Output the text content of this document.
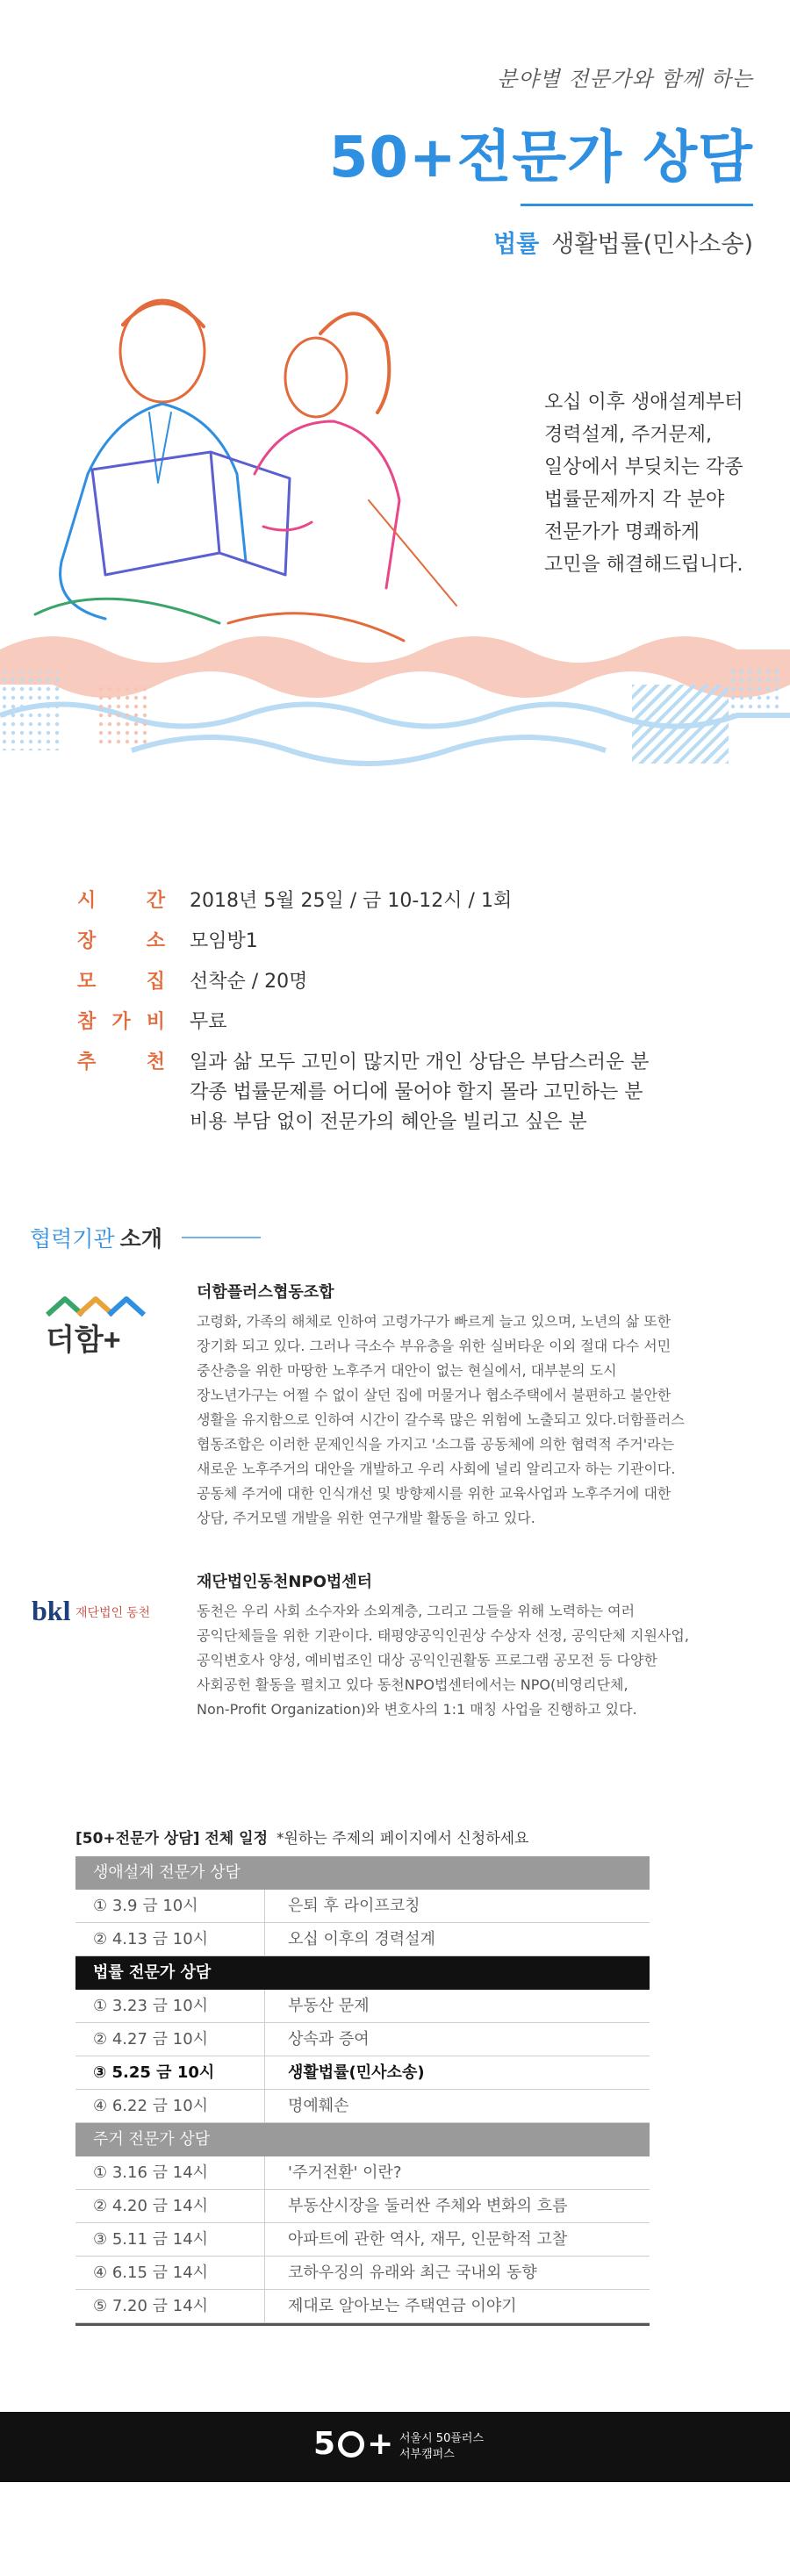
분야별 전문가와 함께 하는
50+전문가 상담
법률 생활법률(민사소송)
오십 이후 생애설계부터
경력설계, 주거문제,
일상에서 부딪치는 각종
법률문제까지 각 분야
전문가가 명쾌하게
고민을 해결해드립니다.
시	간 2018년 5월 25일 / 금 10-12시 / 1회
장	소 모임방1
모	집 선착순 / 20명
참 가 비 무료
추	천 일과 삶 모두 고민이 많지만 개인 상담은 부담스러운 분
각종 법률문제를 어디에 물어야 할지 몰라 고민하는 분
비용 부담 없이 전문가의 혜안을 빌리고 싶은 분
협력기관 소개
더함+
더함플러스협동조합
고령화, 가족의 해체로 인하여 고령가구가 빠르게 늘고 있으며, 노년의 삶 또한
장기화 되고 있다. 그러나 극소수 부유층을 위한 실버타운 이외 절대 다수 서민
중산층을 위한 마땅한 노후주거 대안이 없는 현실에서, 대부분의 도시
장노년가구는 어쩔 수 없이 살던 집에 머물거나 협소주택에서 불편하고 불안한
생활을 유지함으로 인하여 시간이 갈수록 많은 위험에 노출되고 있다.더함플러스
협동조합은 이러한 문제인식을 가지고 '소그룹 공동체에 의한 협력적 주거'라는
새로운 노후주거의 대안을 개발하고 우리 사회에 널리 알리고자 하는 기관이다.
공동체 주거에 대한 인식개선 및 방향제시를 위한 교육사업과 노후주거에 대한
상담, 주거모델 개발을 위한 연구개발 활동을 하고 있다.
bkl 재단법인 동천
재단법인동천NPO법센터
동천은 우리 사회 소수자와 소외계층, 그리고 그들을 위해 노력하는 여러
공익단체들을 위한 기관이다. 태평양공익인권상 수상자 선정, 공익단체 지원사업,
공익변호사 양성, 예비법조인 대상 공익인권활동 프로그램 공모전 등 다양한
사회공헌 활동을 펼치고 있다 동천NPO법센터에서는 NPO(비영리단체,
Non-Profit Organization)와 변호사의 1:1 매칭 사업을 진행하고 있다.
[50+전문가 상담] 전체 일정 *원하는 주제의 페이지에서 신청하세요
생애설계 전문가 상담
① 3.9 금 10시	은퇴 후 라이프코칭
② 4.13 금 10시	오십 이후의 경력설계
법률 전문가 상담
① 3.23 금 10시	부동산 문제
② 4.27 금 10시	상속과 증여
③ 5.25 금 10시	생활법률(민사소송)
④ 6.22 금 10시	명예훼손
주거 전문가 상담
① 3.16 금 14시	'주거전환' 이란?
② 4.20 금 14시	부동산시장을 둘러싼 주체와 변화의 흐름
③ 5.11 금 14시	아파트에 관한 역사, 재무, 인문학적 고찰
④ 6.15 금 14시	코하우징의 유래와 최근 국내외 동향
⑤ 7.20 금 14시	제대로 알아보는 주택연금 이야기
5 + 서울시 50플러스
서부캠퍼스
